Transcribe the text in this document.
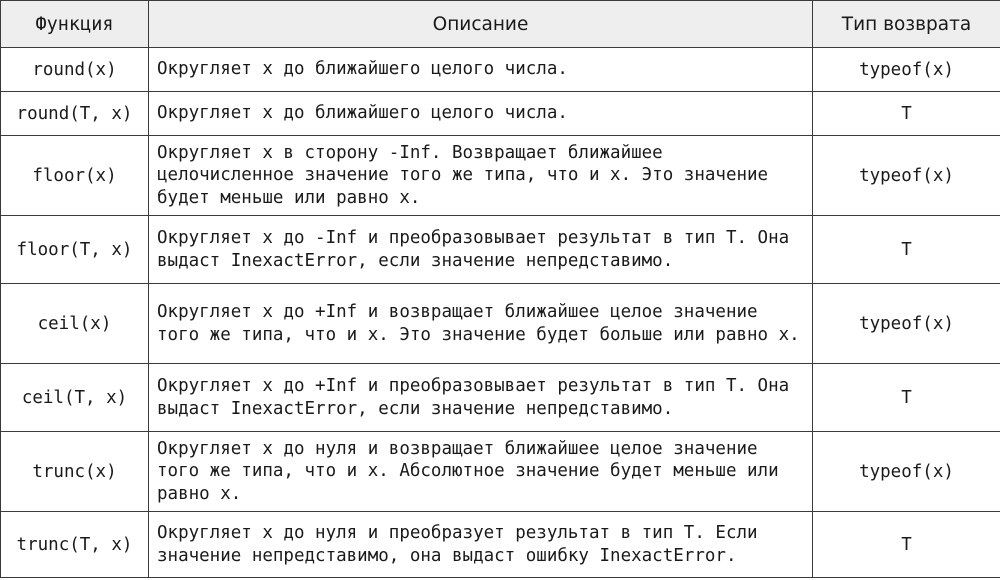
Функция	Описание	Тип возврата
round(x)	Округляет x до ближайшего целого числа.	typeof(x)
round(T, x)	Округляет x до ближайшего целого числа.	T
floor(x)	Округляет x в сторону -Inf. Возвращает ближайшее целочисленное значение того же типа, что и x. Это значение будет меньше или равно x.	typeof(x)
floor(T, x)	Округляет x до -Inf и преобразовывает результат в тип T. Она выдаст InexactError, если значение непредставимо.	T
ceil(x)	Округляет x до +Inf и возвращает ближайшее целое значение того же типа, что и x. Это значение будет больше или равно x.	typeof(x)
ceil(T, x)	Округляет x до +Inf и преобразовывает результат в тип T. Она выдаст InexactError, если значение непредставимо.	T
trunc(x)	Округляет x до нуля и возвращает ближайшее целое значение того же типа, что и x. Абсолютное значение будет меньше или равно x.	typeof(x)
trunc(T, x)	Округляет x до нуля и преобразует результат в тип T. Если значение непредставимо, она выдаст ошибку InexactError.	T
